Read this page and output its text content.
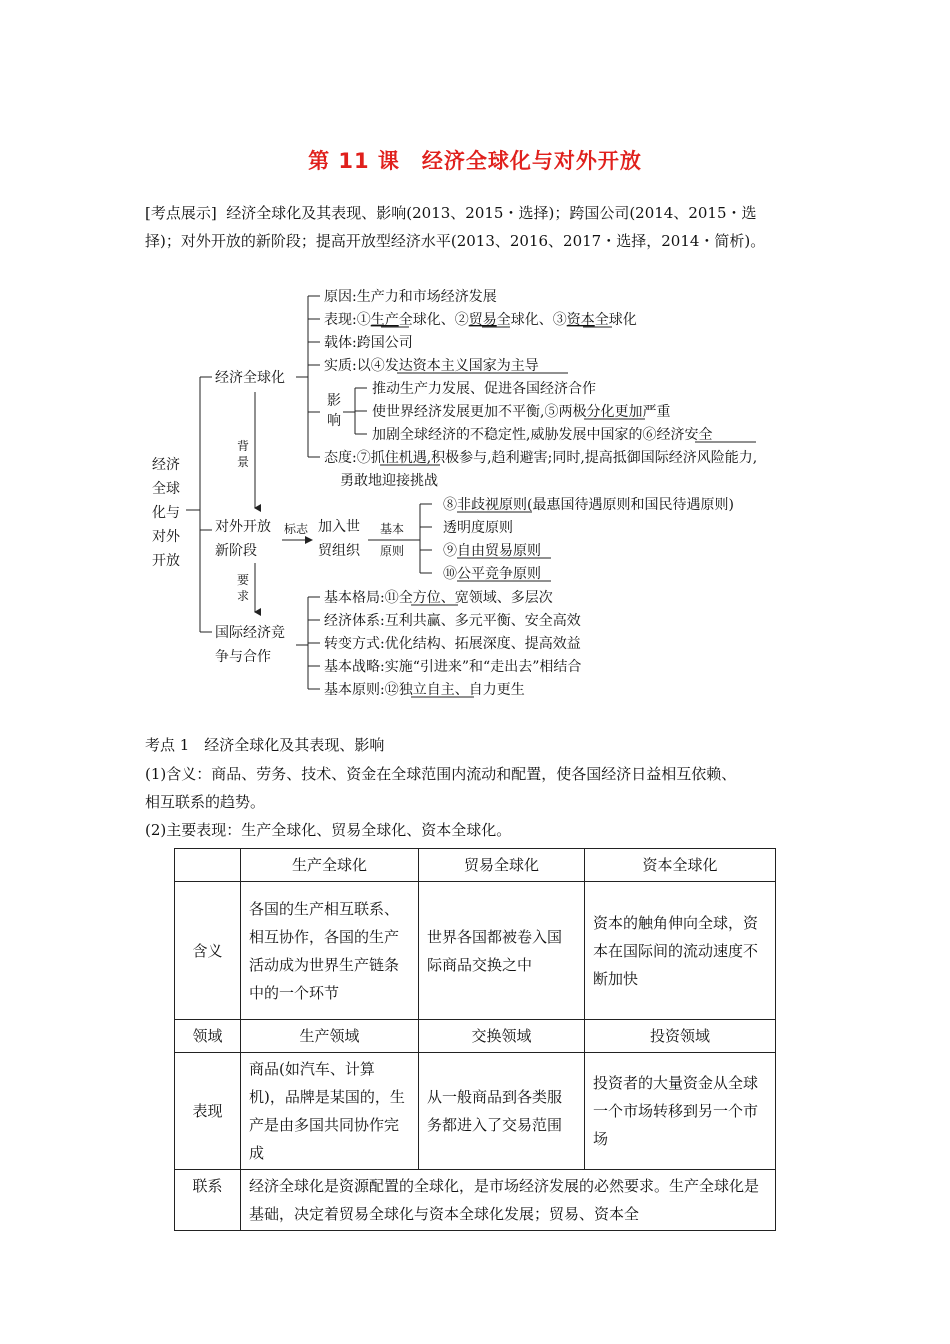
第 11 课　经济全球化与对外开放
[考点展示] 经济全球化及其表现、影响(2013、2015・选择)；跨国公司(2014、2015・选
择)；对外开放的新阶段；提高开放型经济水平(2013、2016、2017・选择，2014・简析)。
经济
全球
化与
对外
开放
经济全球化
原因:生产力和市场经济发展
表现:①生产全球化、②贸易全球化、③资本全球化
载体:跨国公司
实质:以④发达资本主义国家为主导
影
响
推动生产力发展、促进各国经济合作
使世界经济发展更加不平衡,⑤两极分化更加严重
加剧全球经济的不稳定性,威胁发展中国家的⑥经济安全
态度:⑦抓住机遇,积极参与,趋利避害;同时,提高抵御国际经济风险能力,
勇敢地迎接挑战
背
景
对外开放
新阶段
标志 加入世
贸组织
基本
原则
⑧非歧视原则(最惠国待遇原则和国民待遇原则)
透明度原则
⑨自由贸易原则
⑩公平竞争原则
要
求
国际经济竞
争与合作
基本格局:⑪全方位、宽领域、多层次
经济体系:互利共赢、多元平衡、安全高效
转变方式:优化结构、拓展深度、提高效益
基本战略:实施“引进来”和“走出去”相结合
基本原则:⑫独立自主、自力更生
考点 1　经济全球化及其表现、影响
(1)含义：商品、劳务、技术、资金在全球范围内流动和配置，使各国经济日益相互依赖、
相互联系的趋势。
(2)主要表现：生产全球化、贸易全球化、资本全球化。
	生产全球化	贸易全球化	资本全球化
含义	各国的生产相互联系、相互协作，各国的生产活动成为世界生产链条中的一个环节	世界各国都被卷入国际商品交换之中	资本的触角伸向全球，资本在国际间的流动速度不断加快
领域	生产领域	交换领域	投资领域
表现	商品(如汽车、计算机)，品牌是某国的，生产是由多国共同协作完成	从一般商品到各类服务都进入了交易范围	投资者的大量资金从全球一个市场转移到另一个市场
联系	经济全球化是资源配置的全球化，是市场经济发展的必然要求。生产全球化是基础，决定着贸易全球化与资本全球化发展；贸易、资本全		
